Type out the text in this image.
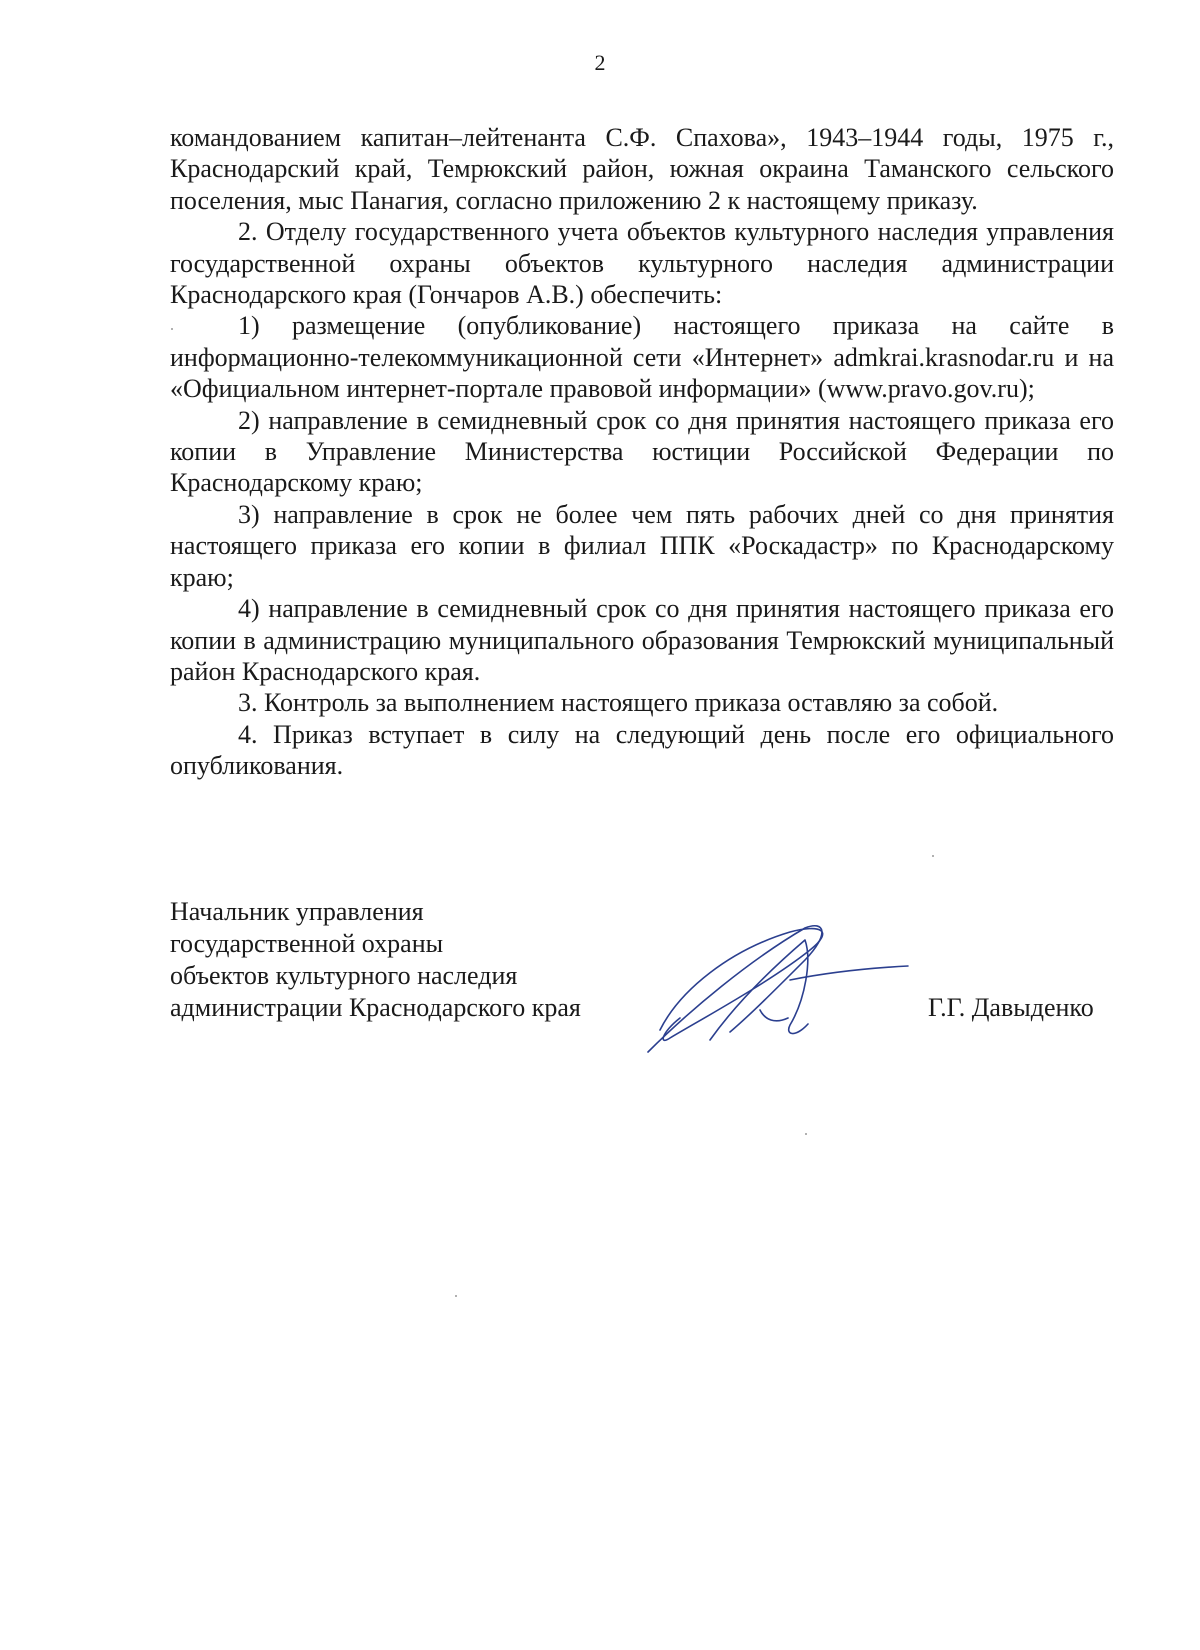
2

командованием капитан–лейтенанта С.Ф. Спахова», 1943–1944 годы, 1975 г., Краснодарский край, Темрюкский район, южная окраина Таманского сельского поселения, мыс Панагия, согласно приложению 2 к настоящему приказу.

2. Отделу государственного учета объектов культурного наследия управления государственной охраны объектов культурного наследия администрации Краснодарского края (Гончаров А.В.) обеспечить:

1) размещение (опубликование) настоящего приказа на сайте в информационно-телекоммуникационной сети «Интернет» admkrai.krasnodar.ru и на «Официальном интернет-портале правовой информации» (www.pravo.gov.ru);

2) направление в семидневный срок со дня принятия настоящего приказа его копии в Управление Министерства юстиции Российской Федерации по Краснодарскому краю;

3) направление в срок не более чем пять рабочих дней со дня принятия настоящего приказа его копии в филиал ППК «Роскадастр» по Краснодарскому краю;

4) направление в семидневный срок со дня принятия настоящего приказа его копии в администрацию муниципального образования Темрюкский муниципальный район Краснодарского края.

3. Контроль за выполнением настоящего приказа оставляю за собой.

4. Приказ вступает в силу на следующий день после его официального опубликования.

Начальник управления
государственной охраны
объектов культурного наследия
администрации Краснодарского края	Г.Г. Давыденко
